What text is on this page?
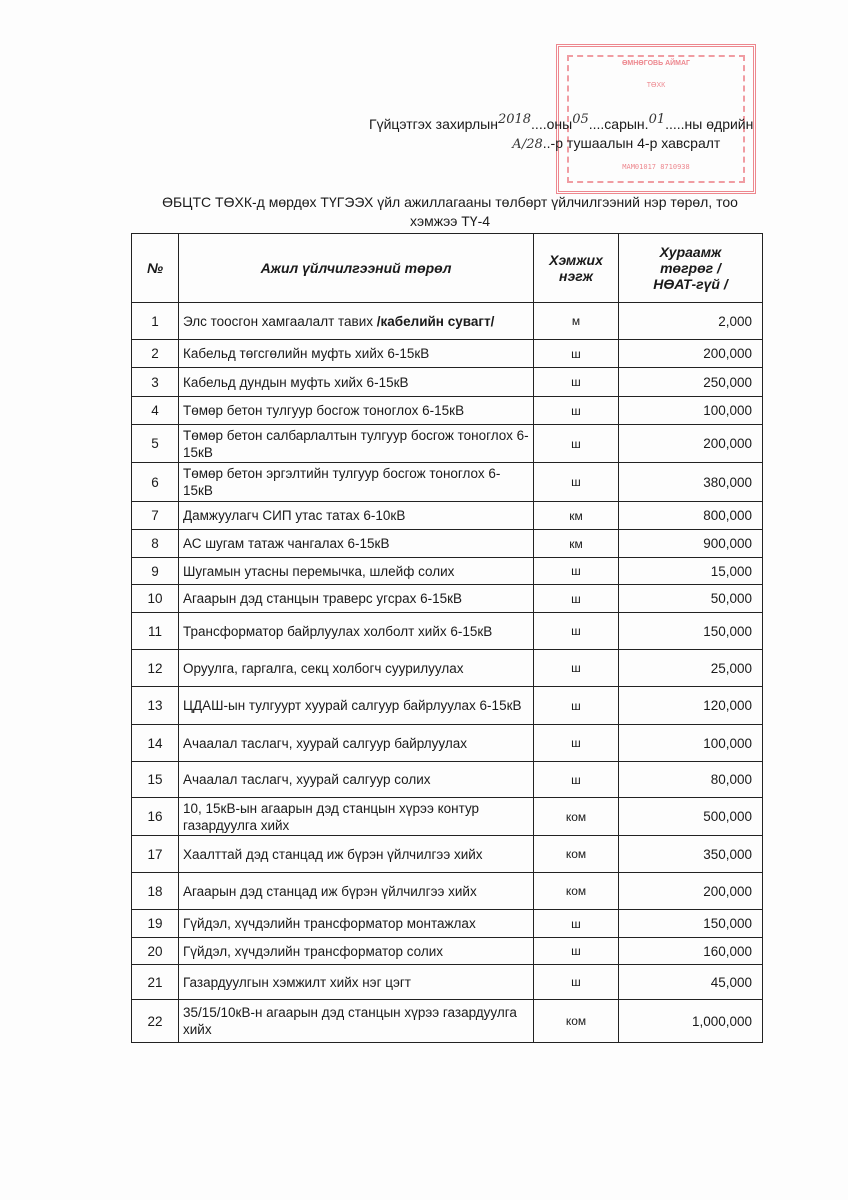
ӨМНӨГОВЬ АЙМАГ
ТӨХК
МАМ01017 8710938
Гүйцэтгэх захирлын2018....оны05....сарын.01.....ны өдрийн
А/28..-р тушаалын 4-р хавсралт
ӨБЦТС ТӨХК-д мөрдөх ТҮГЭЭХ үйл ажиллагааны төлбөрт үйлчилгээний нэр төрөл, тоо
хэмжээ ТҮ-4
№	Ажил үйлчилгээний төрөл	Хэмжих нэгж	Хураамж төгрөг / НӨАТ-гүй /
1	Элс тоосгон хамгаалалт тавих /кабелийн сувагт/	м	2,000
2	Кабельд төгсгөлийн муфть хийх 6-15кВ	ш	200,000
3	Кабельд дундын муфть хийх 6-15кВ	ш	250,000
4	Төмөр бетон тулгуур босгож тоноглох 6-15кВ	ш	100,000
5	Төмөр бетон салбарлалтын тулгуур босгож тоноглох 6-15кВ	ш	200,000
6	Төмөр бетон эргэлтийн тулгуур босгож тоноглох 6-15кВ	ш	380,000
7	Дамжуулагч СИП утас татах 6-10кВ	км	800,000
8	АС шугам татаж чангалах 6-15кВ	км	900,000
9	Шугамын утасны перемычка, шлейф солих	ш	15,000
10	Агаарын дэд станцын траверс угсрах 6-15кВ	ш	50,000
11	Трансформатор байрлуулах холболт хийх 6-15кВ	ш	150,000
12	Оруулга, гаргалга, секц холбогч суурилуулах	ш	25,000
13	ЦДАШ-ын тулгуурт хуурай салгуур байрлуулах 6-15кВ	ш	120,000
14	Ачаалал таслагч, хуурай салгуур байрлуулах	ш	100,000
15	Ачаалал таслагч, хуурай салгуур солих	ш	80,000
16	10, 15кВ-ын агаарын дэд станцын хүрээ контур газардуулга хийх	ком	500,000
17	Хаалттай дэд станцад иж бүрэн үйлчилгээ хийх	ком	350,000
18	Агаарын дэд станцад иж бүрэн үйлчилгээ хийх	ком	200,000
19	Гүйдэл, хүчдэлийн трансформатор монтажлах	ш	150,000
20	Гүйдэл, хүчдэлийн трансформатор солих	ш	160,000
21	Газардуулгын хэмжилт хийх нэг цэгт	ш	45,000
22	35/15/10кВ-н агаарын дэд станцын хүрээ газардуулга хийх	ком	1,000,000
